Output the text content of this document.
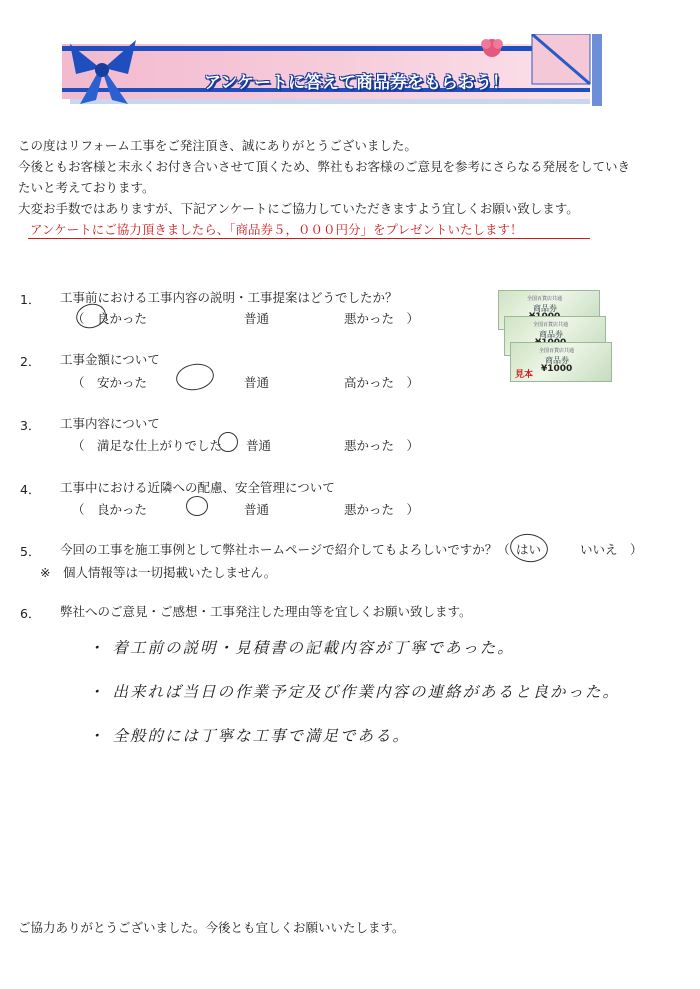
アンケートに答えて商品券をもらおう！
この度はリフォーム工事をご発注頂き、誠にありがとうございました。
今後ともお客様と末永くお付き合いさせて頂くため、弊社もお客様のご意見を参考にさらなる発展をしていき
たいと考えております。
大変お手数ではありますが、下記アンケートにご協力していただきますよう宜しくお願い致します。
アンケートにご協力頂きましたら、「商品券５，０００円分」をプレゼントいたします！
1． 工事前における工事内容の説明・工事提案はどうでしたか？
（　良かった	普通	悪かった　）
2． 工事金額について
（　安かった	普通	高かった　）
全国百貨店共通
商品券
全国百貨店共通
商品券
全国百貨店共通
商品券
¥1000
見本
3． 工事内容について
（　満足な仕上がりでした 普通	悪かった　）
4． 工事中における近隣への配慮、安全管理について
（　良かった	普通	悪かった　）
5． 今回の工事を施工事例として弊社ホームページで紹介してもよろしいですか？（ はい	いいえ　）
※　個人情報等は一切掲載いたしません。
6． 弊社へのご意見・ご感想・工事発注した理由等を宜しくお願い致します。
・ 着工前の説明・見積書の記載内容が丁寧であった。
・ 出来れば当日の作業予定及び作業内容の連絡があると良かった。
・ 全般的には丁寧な工事で満足である。
ご協力ありがとうございました。今後とも宜しくお願いいたします。
